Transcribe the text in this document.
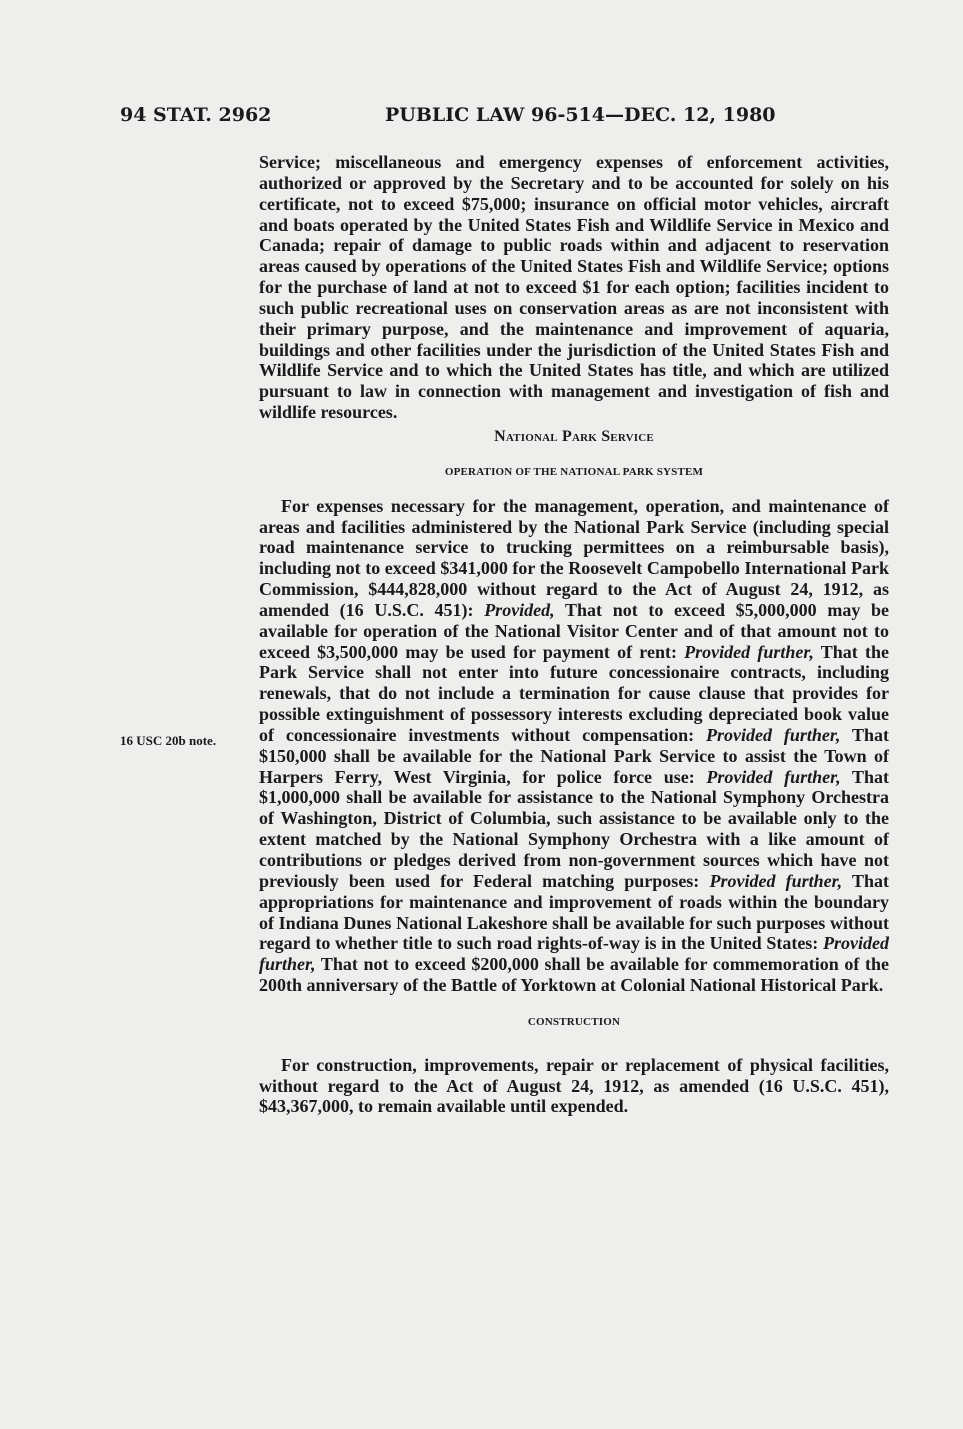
94 STAT. 2962	PUBLIC LAW 96-514—DEC. 12, 1980
16 USC 20b note.

Service; miscellaneous and emergency expenses of enforcement activities, authorized or approved by the Secretary and to be accounted for solely on his certificate, not to exceed $75,000; insurance on official motor vehicles, aircraft and boats operated by the United States Fish and Wildlife Service in Mexico and Canada; repair of damage to public roads within and adjacent to reservation areas caused by operations of the United States Fish and Wildlife Service; options for the purchase of land at not to exceed $1 for each option; facilities incident to such public recreational uses on conservation areas as are not inconsistent with their primary purpose, and the maintenance and improvement of aquaria, buildings and other facilities under the jurisdiction of the United States Fish and Wildlife Service and to which the United States has title, and which are utilized pursuant to law in connection with management and investigation of fish and wildlife resources.

National Park Service
OPERATION OF THE NATIONAL PARK SYSTEM

For expenses necessary for the management, operation, and maintenance of areas and facilities administered by the National Park Service (including special road maintenance service to trucking permittees on a reimbursable basis), including not to exceed $341,000 for the Roosevelt Campobello International Park Commission, $444,828,000 without regard to the Act of August 24, 1912, as amended (16 U.S.C. 451): Provided, That not to exceed $5,000,000 may be available for operation of the National Visitor Center and of that amount not to exceed $3,500,000 may be used for payment of rent: Provided further, That the Park Service shall not enter into future concessionaire contracts, including renewals, that do not include a termination for cause clause that provides for possible extinguishment of possessory interests excluding depreciated book value of concessionaire investments without compensation: Provided further, That $150,000 shall be available for the National Park Service to assist the Town of Harpers Ferry, West Virginia, for police force use: Provided further, That $1,000,000 shall be available for assistance to the National Symphony Orchestra of Washington, District of Columbia, such assistance to be available only to the extent matched by the National Symphony Orchestra with a like amount of contributions or pledges derived from non-government sources which have not previously been used for Federal matching purposes: Provided further, That appropriations for maintenance and improvement of roads within the boundary of Indiana Dunes National Lakeshore shall be available for such purposes without regard to whether title to such road rights-of-way is in the United States: Provided further, That not to exceed $200,000 shall be available for commemoration of the 200th anniversary of the Battle of Yorktown at Colonial National Historical Park.

CONSTRUCTION

For construction, improvements, repair or replacement of physical facilities, without regard to the Act of August 24, 1912, as amended (16 U.S.C. 451), $43,367,000, to remain available until expended.
